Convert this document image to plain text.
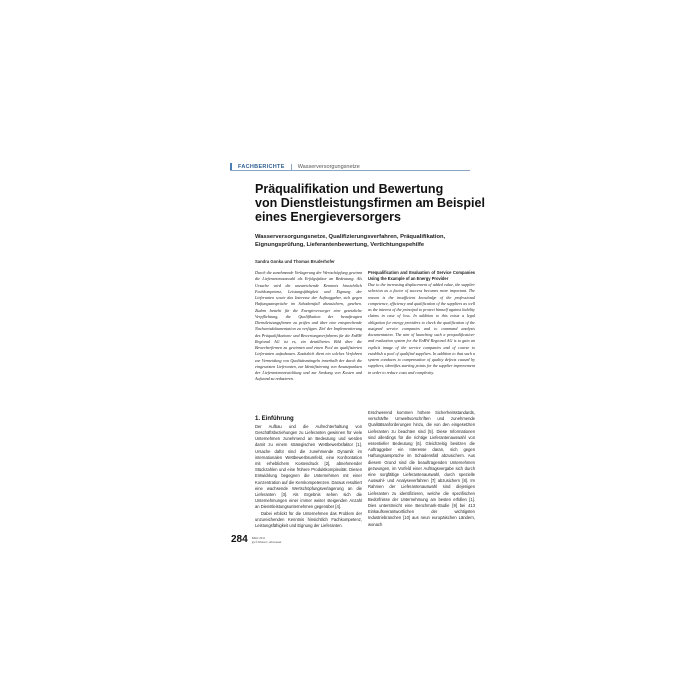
FACHBERICHTE Wasserversorgungsnetze
Präqualifikation und Bewertung
von Dienstleistungsfirmen am Beispiel
eines Energieversorgers
Wasserversorgungsnetze, Qualifizierungsverfahren, Präqualifikation, Eignungsprüfung, Lieferantenbewertung, Vertichtungspehilfe
Sandra Gonka und Thomas Bruderhofer
Durch die zunehmende Verlagerung der Wertschöpfung gewinnt die Lieferantenauswahl als Erfolgsfaktor an Bedeutung. Als Ursache wird die unzureichende Kenntnis hinsichtlich Fachkompetenz, Leistungsfähigkeit und Eignung der Lieferanten sowie das Interesse der Auftraggeber, sich gegen Haftungsansprüche im Schadensfall abzusichern, gesehen. Zudem besteht für die Energieversorger eine gesetzliche Verpflichtung, die Qualifikation der beauftragten Dienstleistungsfirmen zu prüfen und über eine entsprechende Nachweisdokumentation zu verfügen. Ziel der Implementierung des Präqualifikations- und Bewertungsverfahrens für die EnBW Regional AG ist es, ein detailliertes Bild über die Bewerberfirmen zu gewinnen und einen Pool an qualifizierten Lieferanten aufzubauen. Zusätzlich dient ein solches Verfahren zur Vermeidung von Qualitätsmängeln innerhalb der durch die eingesetzten Lieferanten, zur Identifizierung von Ansatzpunkten der Lieferantenentwicklung und zur Senkung von Kosten und Aufwand zu reduzieren.
Prequalification and Evaluation of Service Companies Using the Example of an Energy Provider
Due to the increasing displacement of added value, the supplier selection as a factor of success becomes more important. The reason is the insufficient knowledge of the professional competence, efficiency and qualification of the suppliers as well as the interest of the principal to protect himself against liability claims in case of loss. In addition to this exists a legal obligation for energy providers to check the qualification of the assigned service companies and to command analysis documentation. The aim of launching such a prequalification- and evaluation system for the EnBW Regional AG is to gain an explicit image of the service companies and of course to establish a pool of qualified suppliers. In addition to that such a system conduces to compensation of quality defects caused by suppliers, identifies starting points for the supplier improvement in order to reduce costs and complexity.
1. Einführung

Der Aufbau und die Aufrechterhaltung von Geschäftsbeziehungen zu Lieferanten gewinnen für viele Unternehmen zunehmend an Bedeutung und werden damit zu einem strategischen Wettbewerbsfaktor [1]. Ursache dafür sind die zunehmende Dynamik im internationalen Wettbewerbsumfeld, eine Konfrontation mit erheblichem Kostendruck [2], abnehmender Stückzahlen und eine frühere Produktkomplexität. Diesen Entwicklung begegnen die Unternehmen mit einer Konzentration auf die Kernkompetenzen. Daraus resultiert eine wachsende Wertschöpfungsverlagerung an die Lieferanten [3]. Als Ergebnis sehen sich die Unternehmungen einer immer weiter steigenden Anzahl an Dienstleistungsunternehmen gegenüber [4].

Dabei erblickt für die Unternehmen das Problem der unzureichenden Kenntnis hinsichtlich Fachkompetenz, Leistungsfähigkeit und Eignung der Lieferanten.

Erschwerend kommen höhere Sicherheitsstandards, verschärfte Umweltvorschriften und zunehmende Qualitätsanforderungen hinzu, die von den eingesetzten Lieferanten zu beachten sind [5]. Diese Informationen sind allerdings für die richtige Lieferantenauswahl von essentieller Bedeutung [6]. Gleichzeitig besitzen die Auftraggeber ein Interesse daran, sich gegen Haftungsansprüche im Schadensfall abzusichern. Aus diesem Grund sind die beauftragenden Unternehmen gezwungen, im Vorfeld einer Auftragsvergabe sich durch eine sorgfältige Lieferantenauswahl, durch spezielle Auswahl- und Analyseverfahren [7] abzusichern [8]. Im Rahmen der Lieferantenauswahl sind diejenigen Lieferanten zu identifizieren, welche die spezifischen Bedürfnisse der Unternehmung am besten erfüllen [1]. Dies unterstreicht eine Benchmark-Studie [9] bei 413 Einkaufsverantwortlichen der wichtigsten Industriebranchen [10] aus neun europäischen Ländern, wonach

284 März 2011
gwf-Wasser | Abwasser
